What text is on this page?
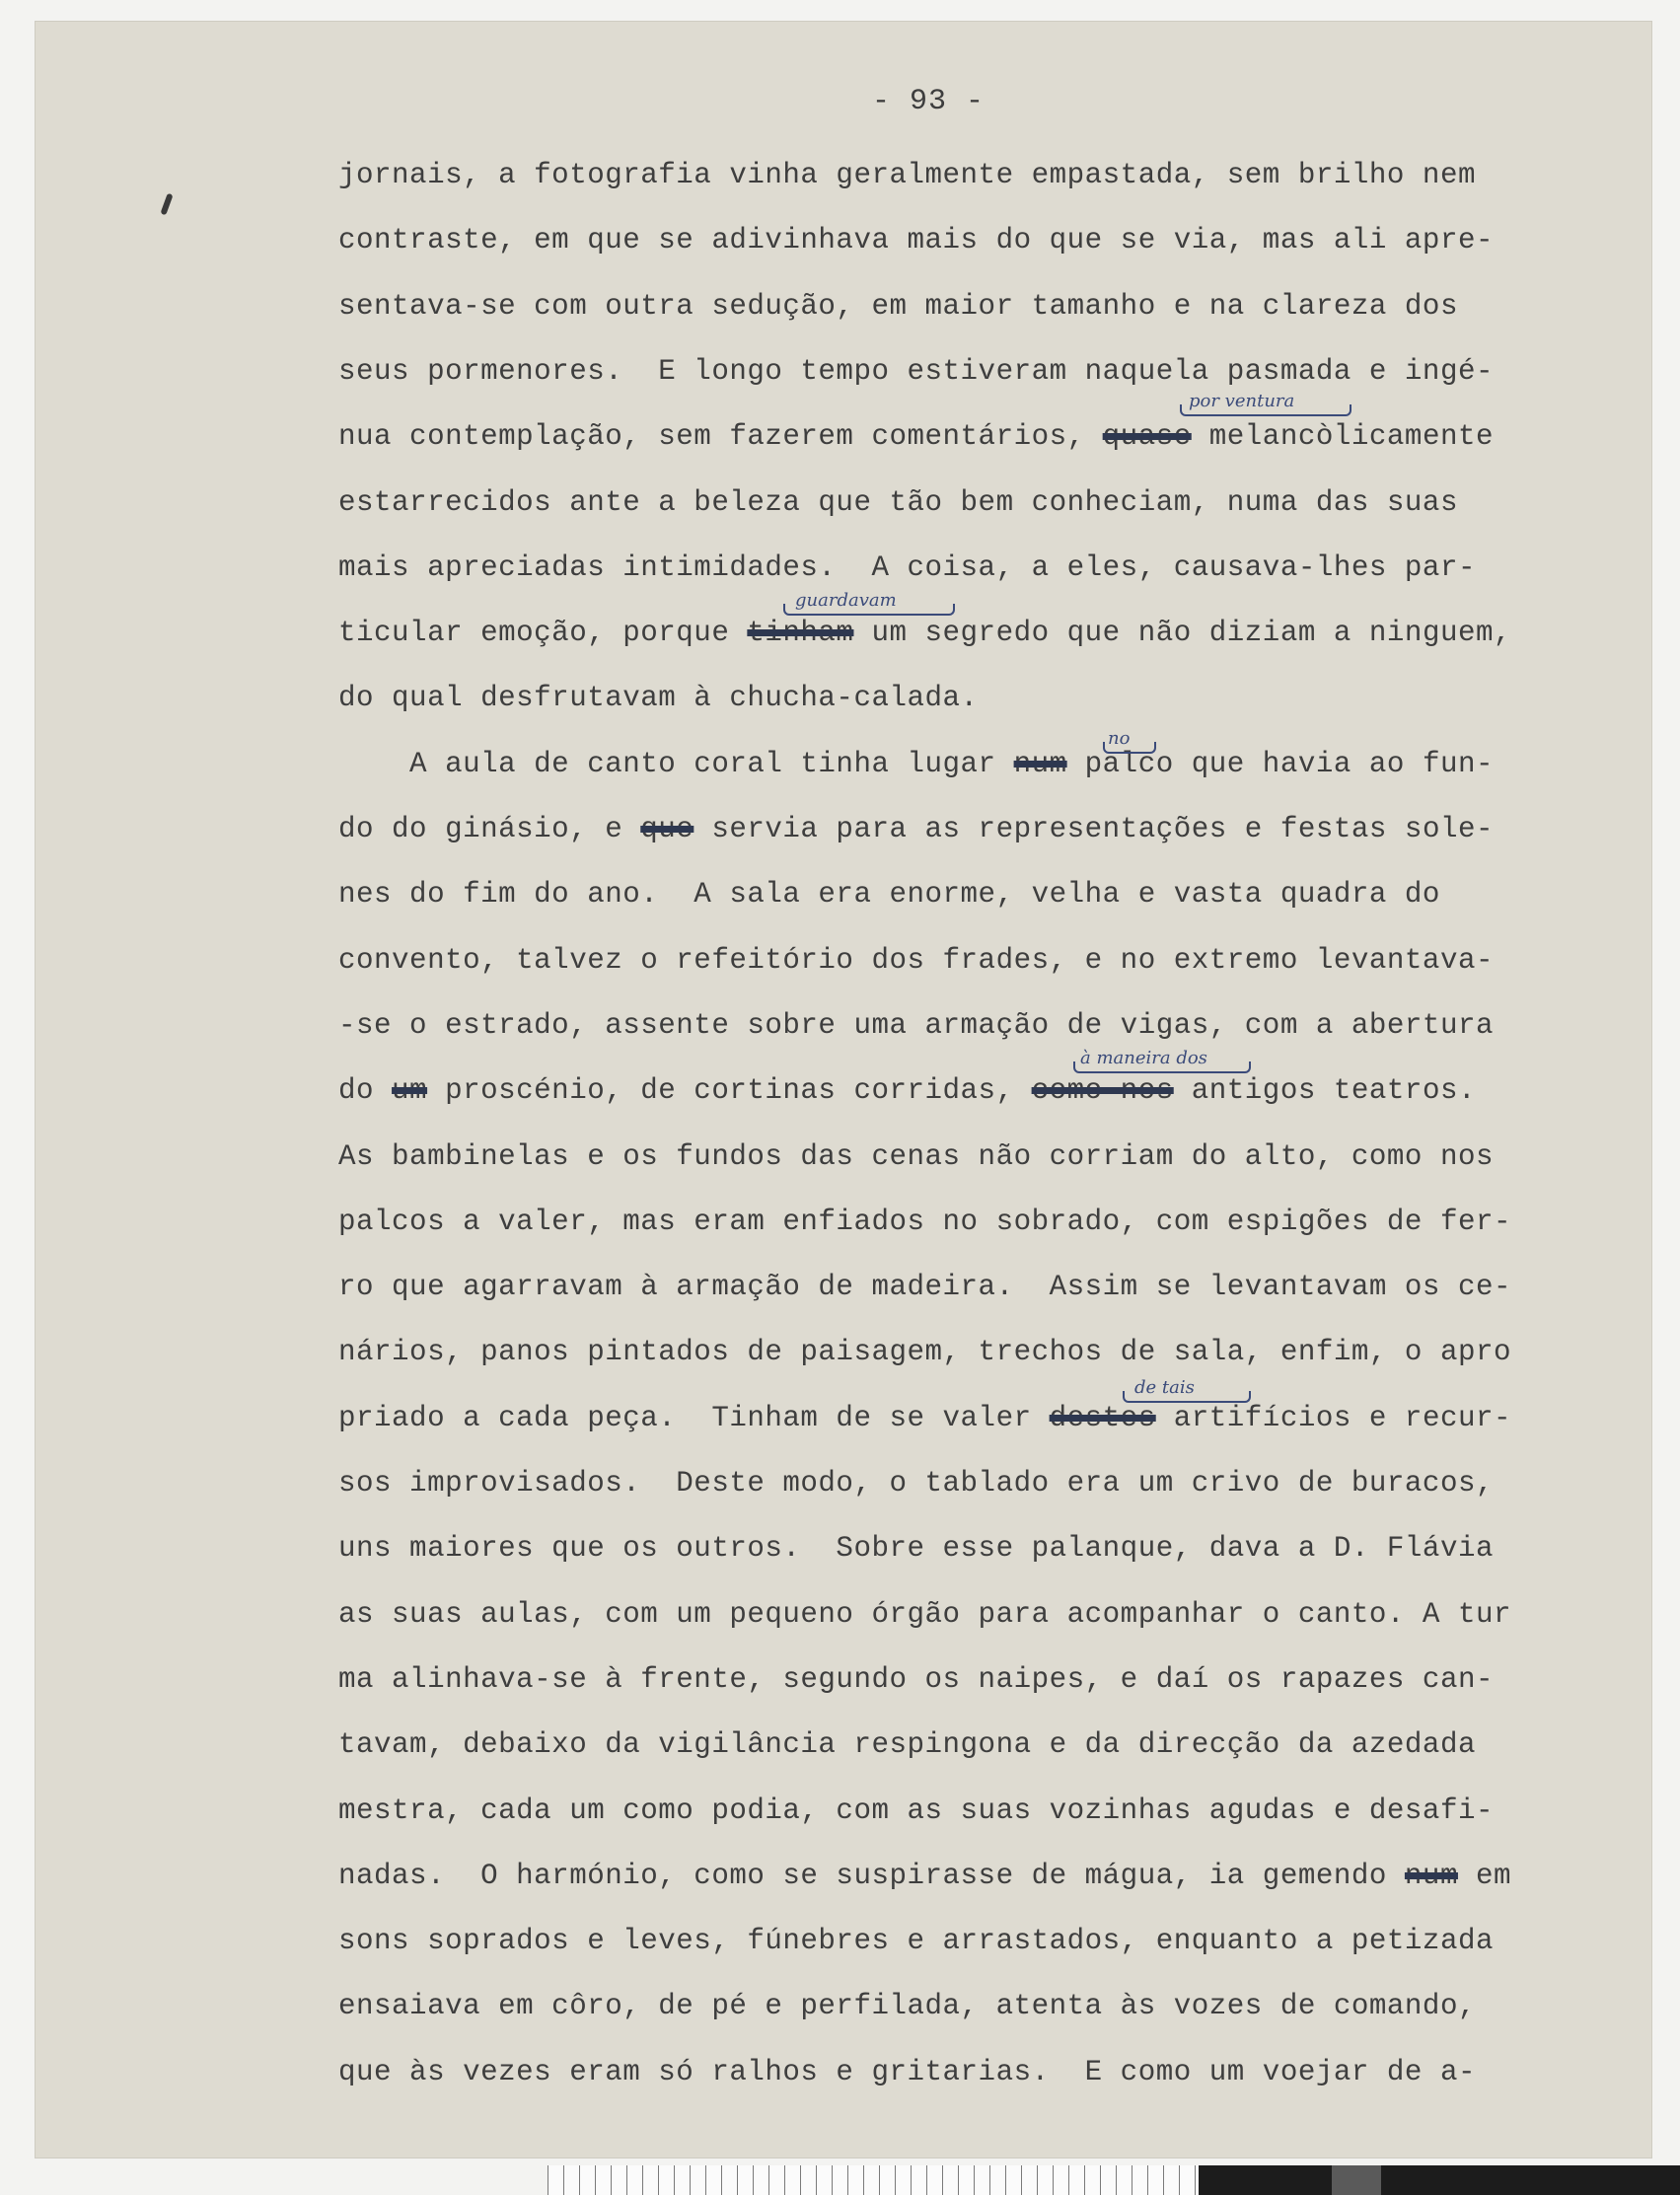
- 93 -
jornais, a fotografia vinha geralmente empastada, sem brilho nem
contraste, em que se adivinhava mais do que se via, mas ali apre-
sentava-se com outra sedução, em maior tamanho e na clareza dos
seus pormenores.  E longo tempo estiveram naquela pasmada e ingé-
nua contemplação, sem fazerem comentários, quase melancòlicamente
estarrecidos ante a beleza que tão bem conheciam, numa das suas
mais apreciadas intimidades.  A coisa, a eles, causava-lhes par-
ticular emoção, porque tinham um segredo que não diziam a ninguem,
do qual desfrutavam à chucha-calada.
A aula de canto coral tinha lugar num palco que havia ao fun-
do do ginásio, e que servia para as representações e festas sole-
nes do fim do ano.  A sala era enorme, velha e vasta quadra do
convento, talvez o refeitório dos frades, e no extremo levantava-
-se o estrado, assente sobre uma armação de vigas, com a abertura
do um proscénio, de cortinas corridas, como nos antigos teatros.
As bambinelas e os fundos das cenas não corriam do alto, como nos
palcos a valer, mas eram enfiados no sobrado, com espigões de fer-
ro que agarravam à armação de madeira.  Assim se levantavam os ce-
nários, panos pintados de paisagem, trechos de sala, enfim, o apro
priado a cada peça.  Tinham de se valer destes artifícios e recur-
sos improvisados.  Deste modo, o tablado era um crivo de buracos,
uns maiores que os outros.  Sobre esse palanque, dava a D. Flávia
as suas aulas, com um pequeno órgão para acompanhar o canto. A tur
ma alinhava-se à frente, segundo os naipes, e daí os rapazes can-
tavam, debaixo da vigilância respingona e da direcção da azedada
mestra, cada um como podia, com as suas vozinhas agudas e desafi-
nadas.  O harmónio, como se suspirasse de mágua, ia gemendo num em
sons soprados e leves, fúnebres e arrastados, enquanto a petizada
ensaiava em côro, de pé e perfilada, atenta às vozes de comando,
que às vezes eram só ralhos e gritarias.  E como um voejar de a-
por ventura
guardavam
no
à maneira dos
de tais
